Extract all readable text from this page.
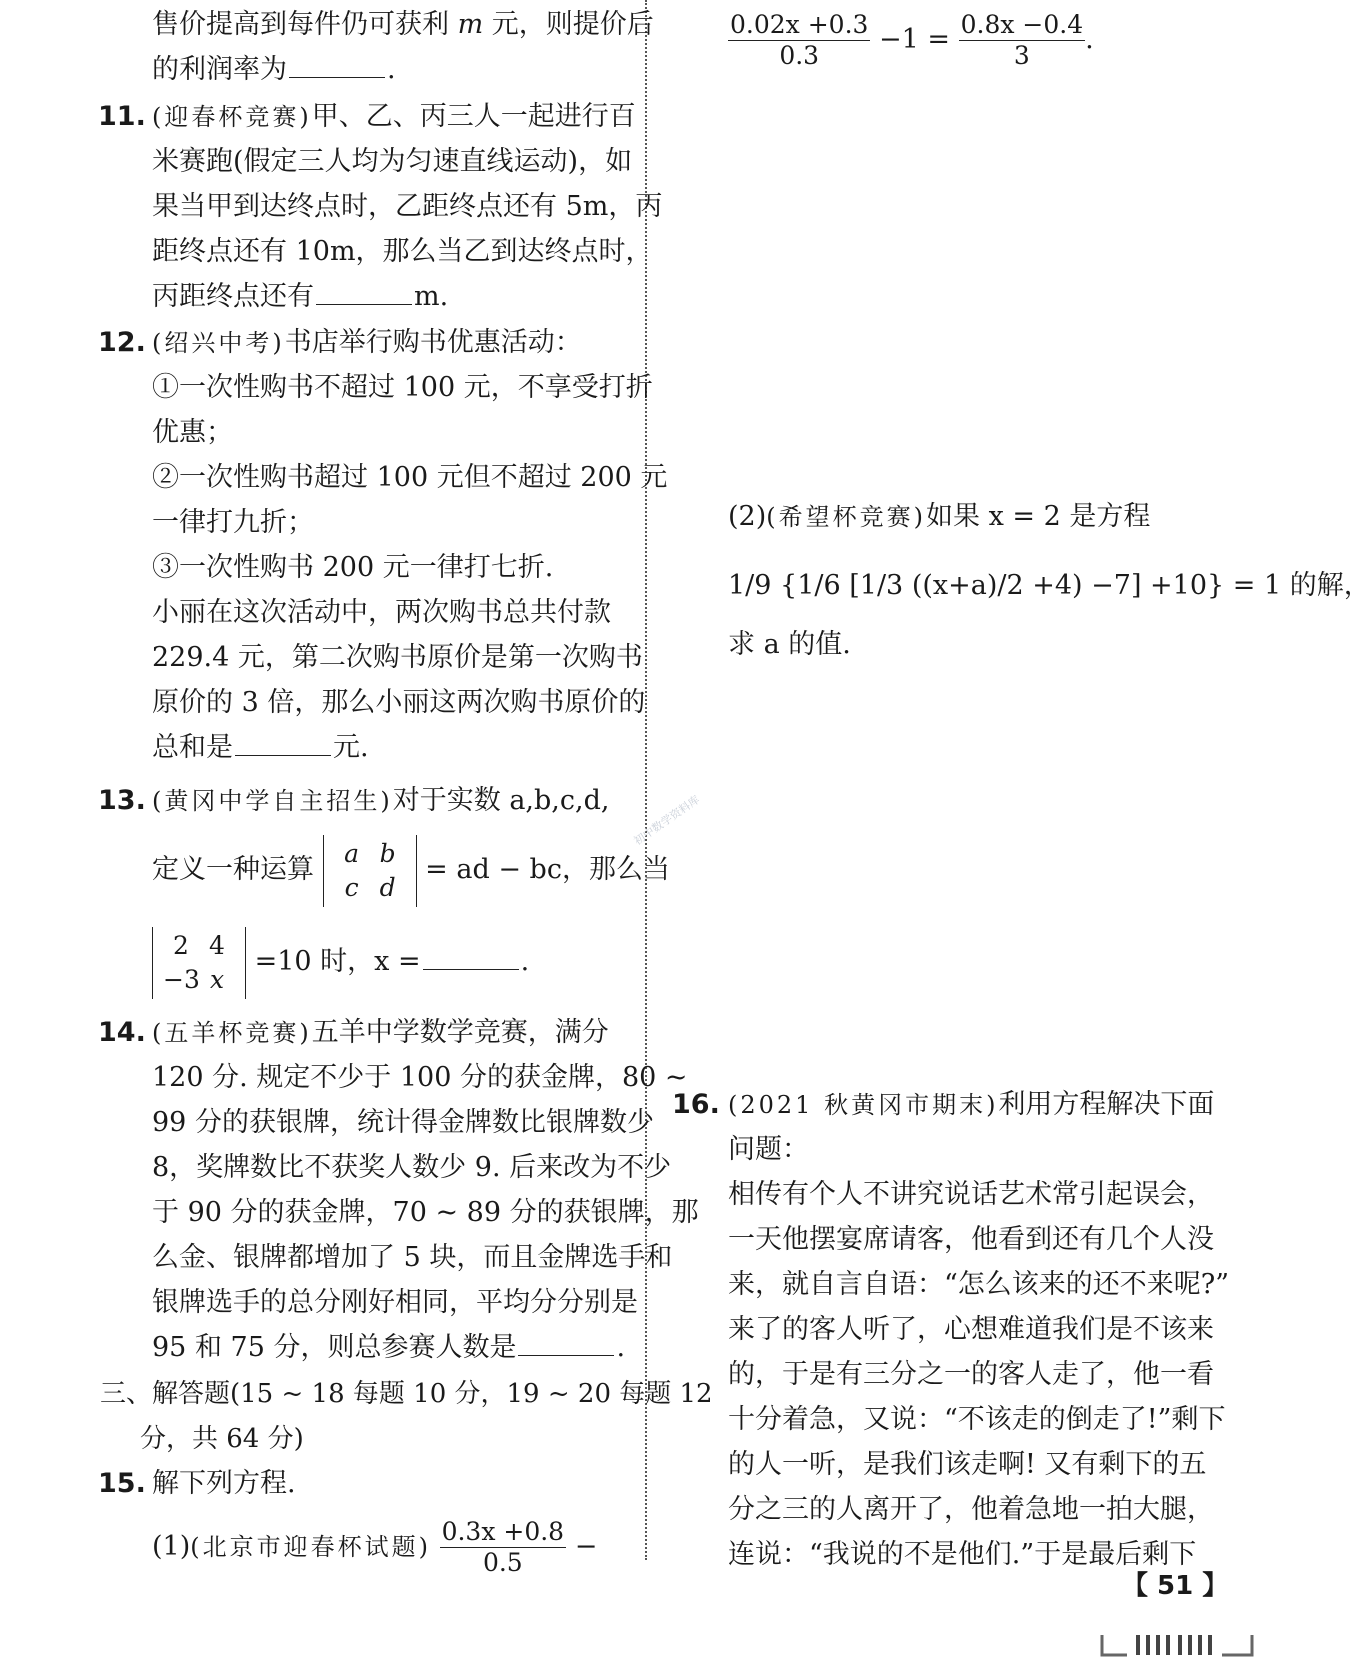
售价提高到每件仍可获利 m 元，则提价后
的利润率为	.
11. (迎春杯竞赛)甲、乙、丙三人一起进行百
米赛跑(假定三人均为匀速直线运动)，如
果当甲到达终点时，乙距终点还有 5m，丙
距终点还有 10m，那么当乙到达终点时，
丙距终点还有	m.
12. (绍兴中考)书店举行购书优惠活动：
①一次性购书不超过 100 元，不享受打折
优惠；
②一次性购书超过 100 元但不超过 200 元
一律打九折；
③一次性购书 200 元一律打七折.
小丽在这次活动中，两次购书总共付款
229.4 元，第二次购书原价是第一次购书
原价的 3 倍，那么小丽这两次购书原价的
总和是	元.
13. (黄冈中学自主招生)对于实数 a,b,c,d,
定义一种运算
a b
c d
= ad − bc，那么当
2 4
−3 x
=10 时，x =	.
14. (五羊杯竞赛)五羊中学数学竞赛，满分
120 分. 规定不少于 100 分的获金牌，80 ~
99 分的获银牌，统计得金牌数比银牌数少
8，奖牌数比不获奖人数少 9. 后来改为不少
于 90 分的获金牌，70 ~ 89 分的获银牌，那
么金、银牌都增加了 5 块，而且金牌选手和
银牌选手的总分刚好相同，平均分分别是
95 和 75 分，则总参赛人数是	.
三、解答题(15 ~ 18 每题 10 分，19 ~ 20 每题 12
分，共 64 分)
15. 解下列方程.
(1)(北京市迎春杯试题) $\frac{0.3x +0.8}{0.5}$ −
$\frac{0.02x +0.3}{0.3} -1 = \frac{0.8x -0.4}{3}$ .
(2)(希望杯竞赛)如果 x = 2 是方程
1/9 {1/6 [1/3 ((x+a)/2 +4) −7] +10} = 1 的解，
求 a 的值.
16. (2021 秋黄冈市期末)利用方程解决下面
问题：
相传有个人不讲究说话艺术常引起误会，
一天他摆宴席请客，他看到还有几个人没
来，就自言自语：“怎么该来的还不来呢?”
来了的客人听了，心想难道我们是不该来
的，于是有三分之一的客人走了，他一看
十分着急，又说：“不该走的倒走了!”剩下
的人一听，是我们该走啊! 又有剩下的五
分之三的人离开了，他着急地一拍大腿，
连说：“我说的不是他们.”于是最后剩下
【 51 】
初中数学资料库
